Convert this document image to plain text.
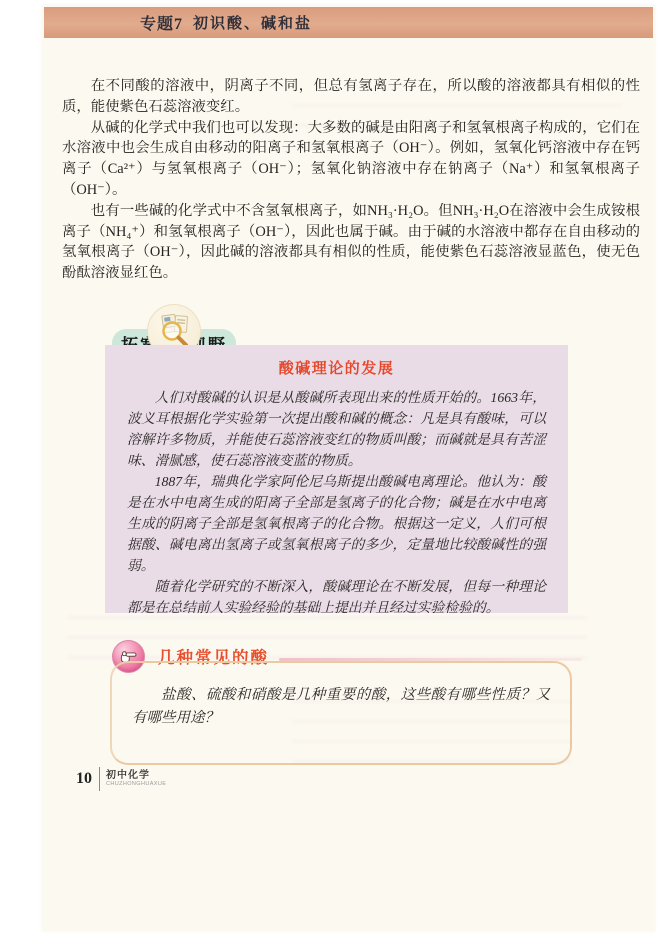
专题7 初识酸、碱和盐

在不同酸的溶液中，阴离子不同，但总有氢离子存在，所以酸的溶液都具有相似的性质，能使紫色石蕊溶液变红。

从碱的化学式中我们也可以发现：大多数的碱是由阳离子和氢氧根离子构成的，它们在水溶液中也会生成自由移动的阳离子和氢氧根离子（OH⁻）。例如，氢氧化钙溶液中存在钙离子（Ca²⁺）与氢氧根离子（OH⁻）；氢氧化钠溶液中存在钠离子（Na⁺）和氢氧根离子（OH⁻）。

也有一些碱的化学式中不含氢氧根离子，如NH₃·H₂O。但NH₃·H₂O在溶液中会生成铵根离子（NH₄⁺）和氢氧根离子（OH⁻），因此也属于碱。由于碱的水溶液中都存在自由移动的氢氧根离子（OH⁻），因此碱的溶液都具有相似的性质，能使紫色石蕊溶液显蓝色，使无色酚酞溶液显红色。

酸碱理论的发展

人们对酸碱的认识是从酸碱所表现出来的性质开始的。1663年，波义耳根据化学实验第一次提出酸和碱的概念：凡是具有酸味，可以溶解许多物质，并能使石蕊溶液变红的物质叫酸；而碱就是具有苦涩味、滑腻感，使石蕊溶液变蓝的物质。

1887年，瑞典化学家阿伦尼乌斯提出酸碱电离理论。他认为：酸是在水中电离生成的阳离子全部是氢离子的化合物；碱是在水中电离生成的阴离子全部是氢氧根离子的化合物。根据这一定义，人们可根据酸、碱电离出氢离子或氢氧根离子的多少，定量地比较酸碱性的强弱。

随着化学研究的不断深入，酸碱理论在不断发展，但每一种理论都是在总结前人实验经验的基础上提出并且经过实验检验的。

几种常见的酸

盐酸、硫酸和硝酸是几种重要的酸，这些酸有哪些性质？又有哪些用途？

10 初中化学
CHUZHONGHUAXUE
